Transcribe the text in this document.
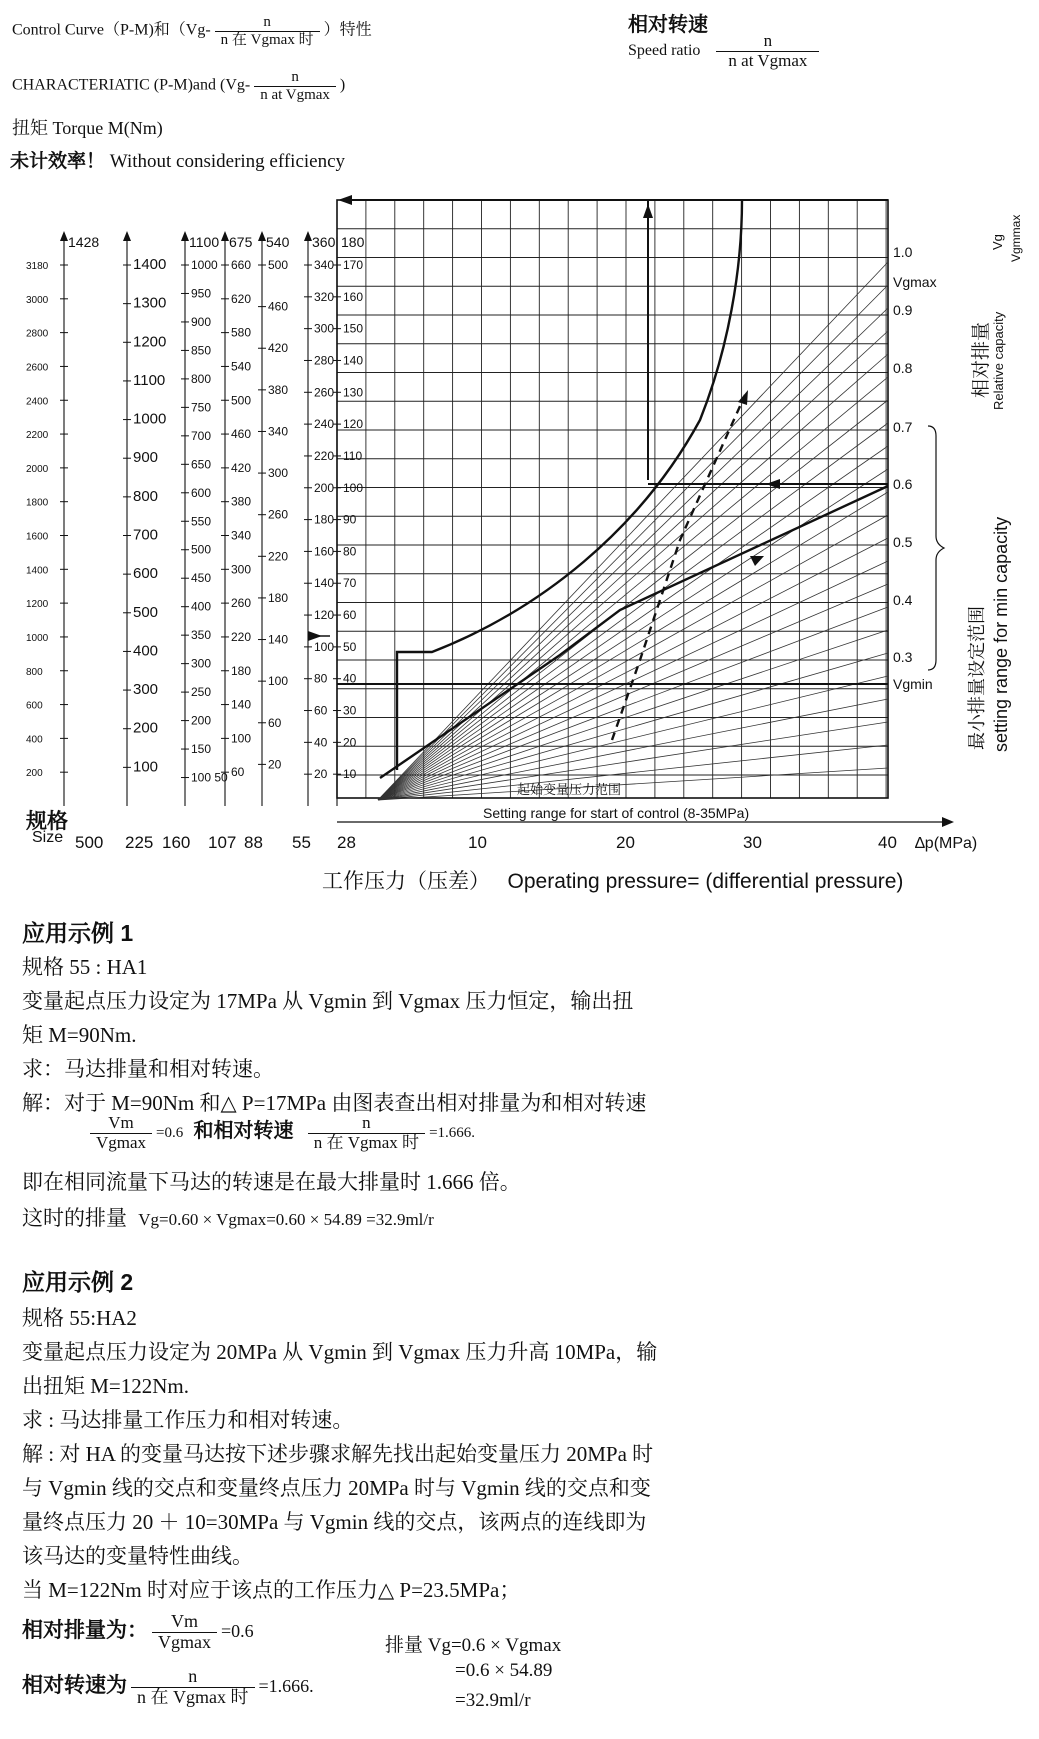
Control Curve（P-M)和（$Vg- \frac{n}{\text{n 在 Vgmax 时}}$ ）特性
CHARACTERIATIC (P-M)and ($Vg- \frac{n}{\text{n at Vgmax}}$ )
扭矩 Torque M(Nm)
未计效率！ Without considering efficiency
相对转速
Speed ratio $\frac{n}{\text{n at Vgmax}}$
1428
3180
3000
2800
2600
2400
2200
2000
1800
1600
1400
1200
1000
800
600
400
200
1400
1300
1200
1100
1000
900
800
700
600
500
400
300
200
100
1100
1000
950
900
850
800
750
700
650
600
550
500
450
400
350
300
250
200
150
100 50
675
660
620
580
540
500
460
420
380
340
300
260
220
180
140
100
60
540
500
460
420
380
340
300
260
220
180
140
100
60
20
360
340
320
300
280
260
240
220
200
180
160
140
120
100
80
60
40
20
180
170
160
150
140
130
120
110
100
90
80
70
60
50
40
30
20
10
1.0
Vgmax
0.9
0.8
0.7
0.6
0.5
0.4
0.3
Vgmin
相对排量 Relative capacity
Vg Vgmmax
最小排量设定范围 setting range for min capacity
起始变量压力范围
Setting range for start of control (8-35MPa)
28	10	20	30	40 ∆p(MPa)
500 225 160 107 88 55
工作压力（压差） Operating pressure= (differential pressure)
规格
Size
应用示例 1
规格 55 : HA1
变量起点压力设定为 17MPa 从 Vgmin 到 Vgmax 压力恒定，输出扭
矩 M=90Nm.
求：马达排量和相对转速。
解：对于 M=90Nm 和△ P=17MPa 由图表查出相对排量为和相对转速
$\frac{Vm}{Vgmax} =0.6$ 和相对转速 $\frac{n}{\text{n 在 Vgmax 时}} =1.666$.
即在相同流量下马达的转速是在最大排量时 1.666 倍。
这时的排量 Vg=0.60 × Vgmax=0.60 × 54.89 =32.9ml/r
应用示例 2
规格 55:HA2
变量起点压力设定为 20MPa 从 Vgmin 到 Vgmax 压力升高 10MPa，输
出扭矩 M=122Nm.
求 : 马达排量工作压力和相对转速。
解 : 对 HA 的变量马达按下述步骤求解先找出起始变量压力 20MPa 时
与 Vgmin 线的交点和变量终点压力 20MPa 时与 Vgmin 线的交点和变
量终点压力 20 ＋ 10=30MPa 与 Vgmin 线的交点，该两点的连线即为
该马达的变量特性曲线。
当 M=122Nm 时对应于该点的工作压力△ P=23.5MPa；
相对排量为： $\frac{Vm}{Vgmax} =0.6$
相对转速为 $\frac{n}{\text{n 在 Vgmax 时}} =1.666$.
排量 Vg=0.6 × Vgmax
=0.6 × 54.89
=32.9ml/r
